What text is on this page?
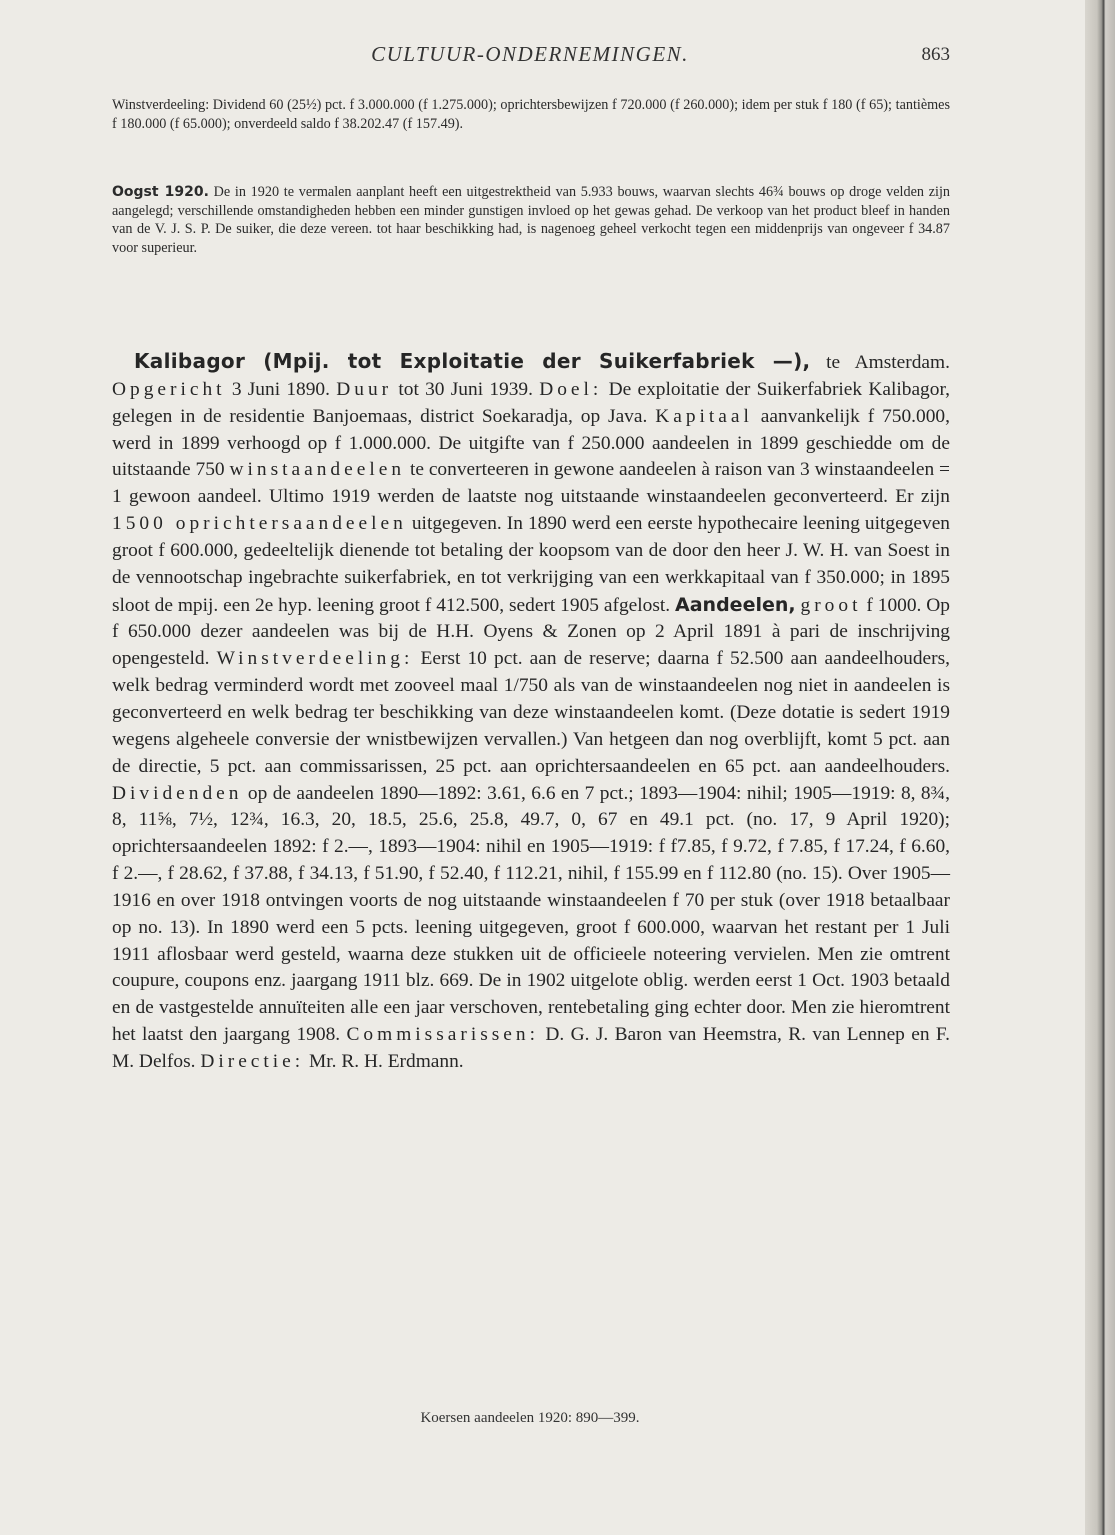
CULTUUR-ONDERNEMINGEN.	863

Winstverdeeling: Dividend 60 (25½) pct. f 3.000.000 (f 1.275.000); oprichtersbewijzen f 720.000 (f 260.000); idem per stuk f 180 (f 65); tantièmes f 180.000 (f 65.000); onverdeeld saldo f 38.202.47 (f 157.49).

Oogst 1920. De in 1920 te vermalen aanplant heeft een uitgestrektheid van 5.933 bouws, waarvan slechts 46¾ bouws op droge velden zijn aangelegd; verschillende omstandigheden hebben een minder gunstigen invloed op het gewas gehad. De verkoop van het product bleef in handen van de V. J. S. P. De suiker, die deze vereen. tot haar beschikking had, is nagenoeg geheel verkocht tegen een middenprijs van ongeveer f 34.87 voor superieur.

Kalibagor (Mpij. tot Exploitatie der Suikerfabriek —), te Amsterdam. Opgericht 3 Juni 1890. Duur tot 30 Juni 1939. Doel: De exploitatie der Suikerfabriek Kalibagor, gelegen in de residentie Banjoemaas, district Soekaradja, op Java. Kapitaal aanvankelijk f 750.000, werd in 1899 verhoogd op f 1.000.000. De uitgifte van f 250.000 aandeelen in 1899 geschiedde om de uitstaande 750 winstaandeelen te converteeren in gewone aandeelen à raison van 3 winstaandeelen = 1 gewoon aandeel. Ultimo 1919 werden de laatste nog uitstaande winstaandeelen geconverteerd. Er zijn 1500 oprichtersaandeelen uitgegeven. In 1890 werd een eerste hypothecaire leening uitgegeven groot f 600.000, gedeeltelijk dienende tot betaling der koopsom van de door den heer J. W. H. van Soest in de vennootschap ingebrachte suikerfabriek, en tot verkrijging van een werkkapitaal van f 350.000; in 1895 sloot de mpij. een 2e hyp. leening groot f 412.500, sedert 1905 afgelost. Aandeelen, groot f 1000. Op f 650.000 dezer aandeelen was bij de H.H. Oyens & Zonen op 2 April 1891 à pari de inschrijving opengesteld. Winstverdeeling: Eerst 10 pct. aan de reserve; daarna f 52.500 aan aandeelhouders, welk bedrag verminderd wordt met zooveel maal 1/750 als van de winstaandeelen nog niet in aandeelen is geconverteerd en welk bedrag ter beschikking van deze winstaandeelen komt. (Deze dotatie is sedert 1919 wegens algeheele conversie der wnistbewijzen vervallen.) Van hetgeen dan nog overblijft, komt 5 pct. aan de directie, 5 pct. aan commissarissen, 25 pct. aan oprichtersaandeelen en 65 pct. aan aandeelhouders. Dividenden op de aandeelen 1890—1892: 3.61, 6.6 en 7 pct.; 1893—1904: nihil; 1905—1919: 8, 8¾, 8, 11⅝, 7½, 12¾, 16.3, 20, 18.5, 25.6, 25.8, 49.7, 0, 67 en 49.1 pct. (no. 17, 9 April 1920); oprichtersaandeelen 1892: f 2.—, 1893—1904: nihil en 1905—1919: f f7.85, f 9.72, f 7.85, f 17.24, f 6.60, f 2.—, f 28.62, f 37.88, f 34.13, f 51.90, f 52.40, f 112.21, nihil, f 155.99 en f 112.80 (no. 15). Over 1905—1916 en over 1918 ontvingen voorts de nog uitstaande winstaandeelen f 70 per stuk (over 1918 betaalbaar op no. 13). In 1890 werd een 5 pcts. leening uitgegeven, groot f 600.000, waarvan het restant per 1 Juli 1911 aflosbaar werd gesteld, waarna deze stukken uit de officieele noteering vervielen. Men zie omtrent coupure, coupons enz. jaargang 1911 blz. 669. De in 1902 uitgelote oblig. werden eerst 1 Oct. 1903 betaald en de vastgestelde annuïteiten alle een jaar verschoven, rentebetaling ging echter door. Men zie hieromtrent het laatst den jaargang 1908. Commissarissen: D. G. J. Baron van Heemstra, R. van Lennep en F. M. Delfos. Directie: Mr. R. H. Erdmann.

Koersen aandeelen 1920: 890—399.
